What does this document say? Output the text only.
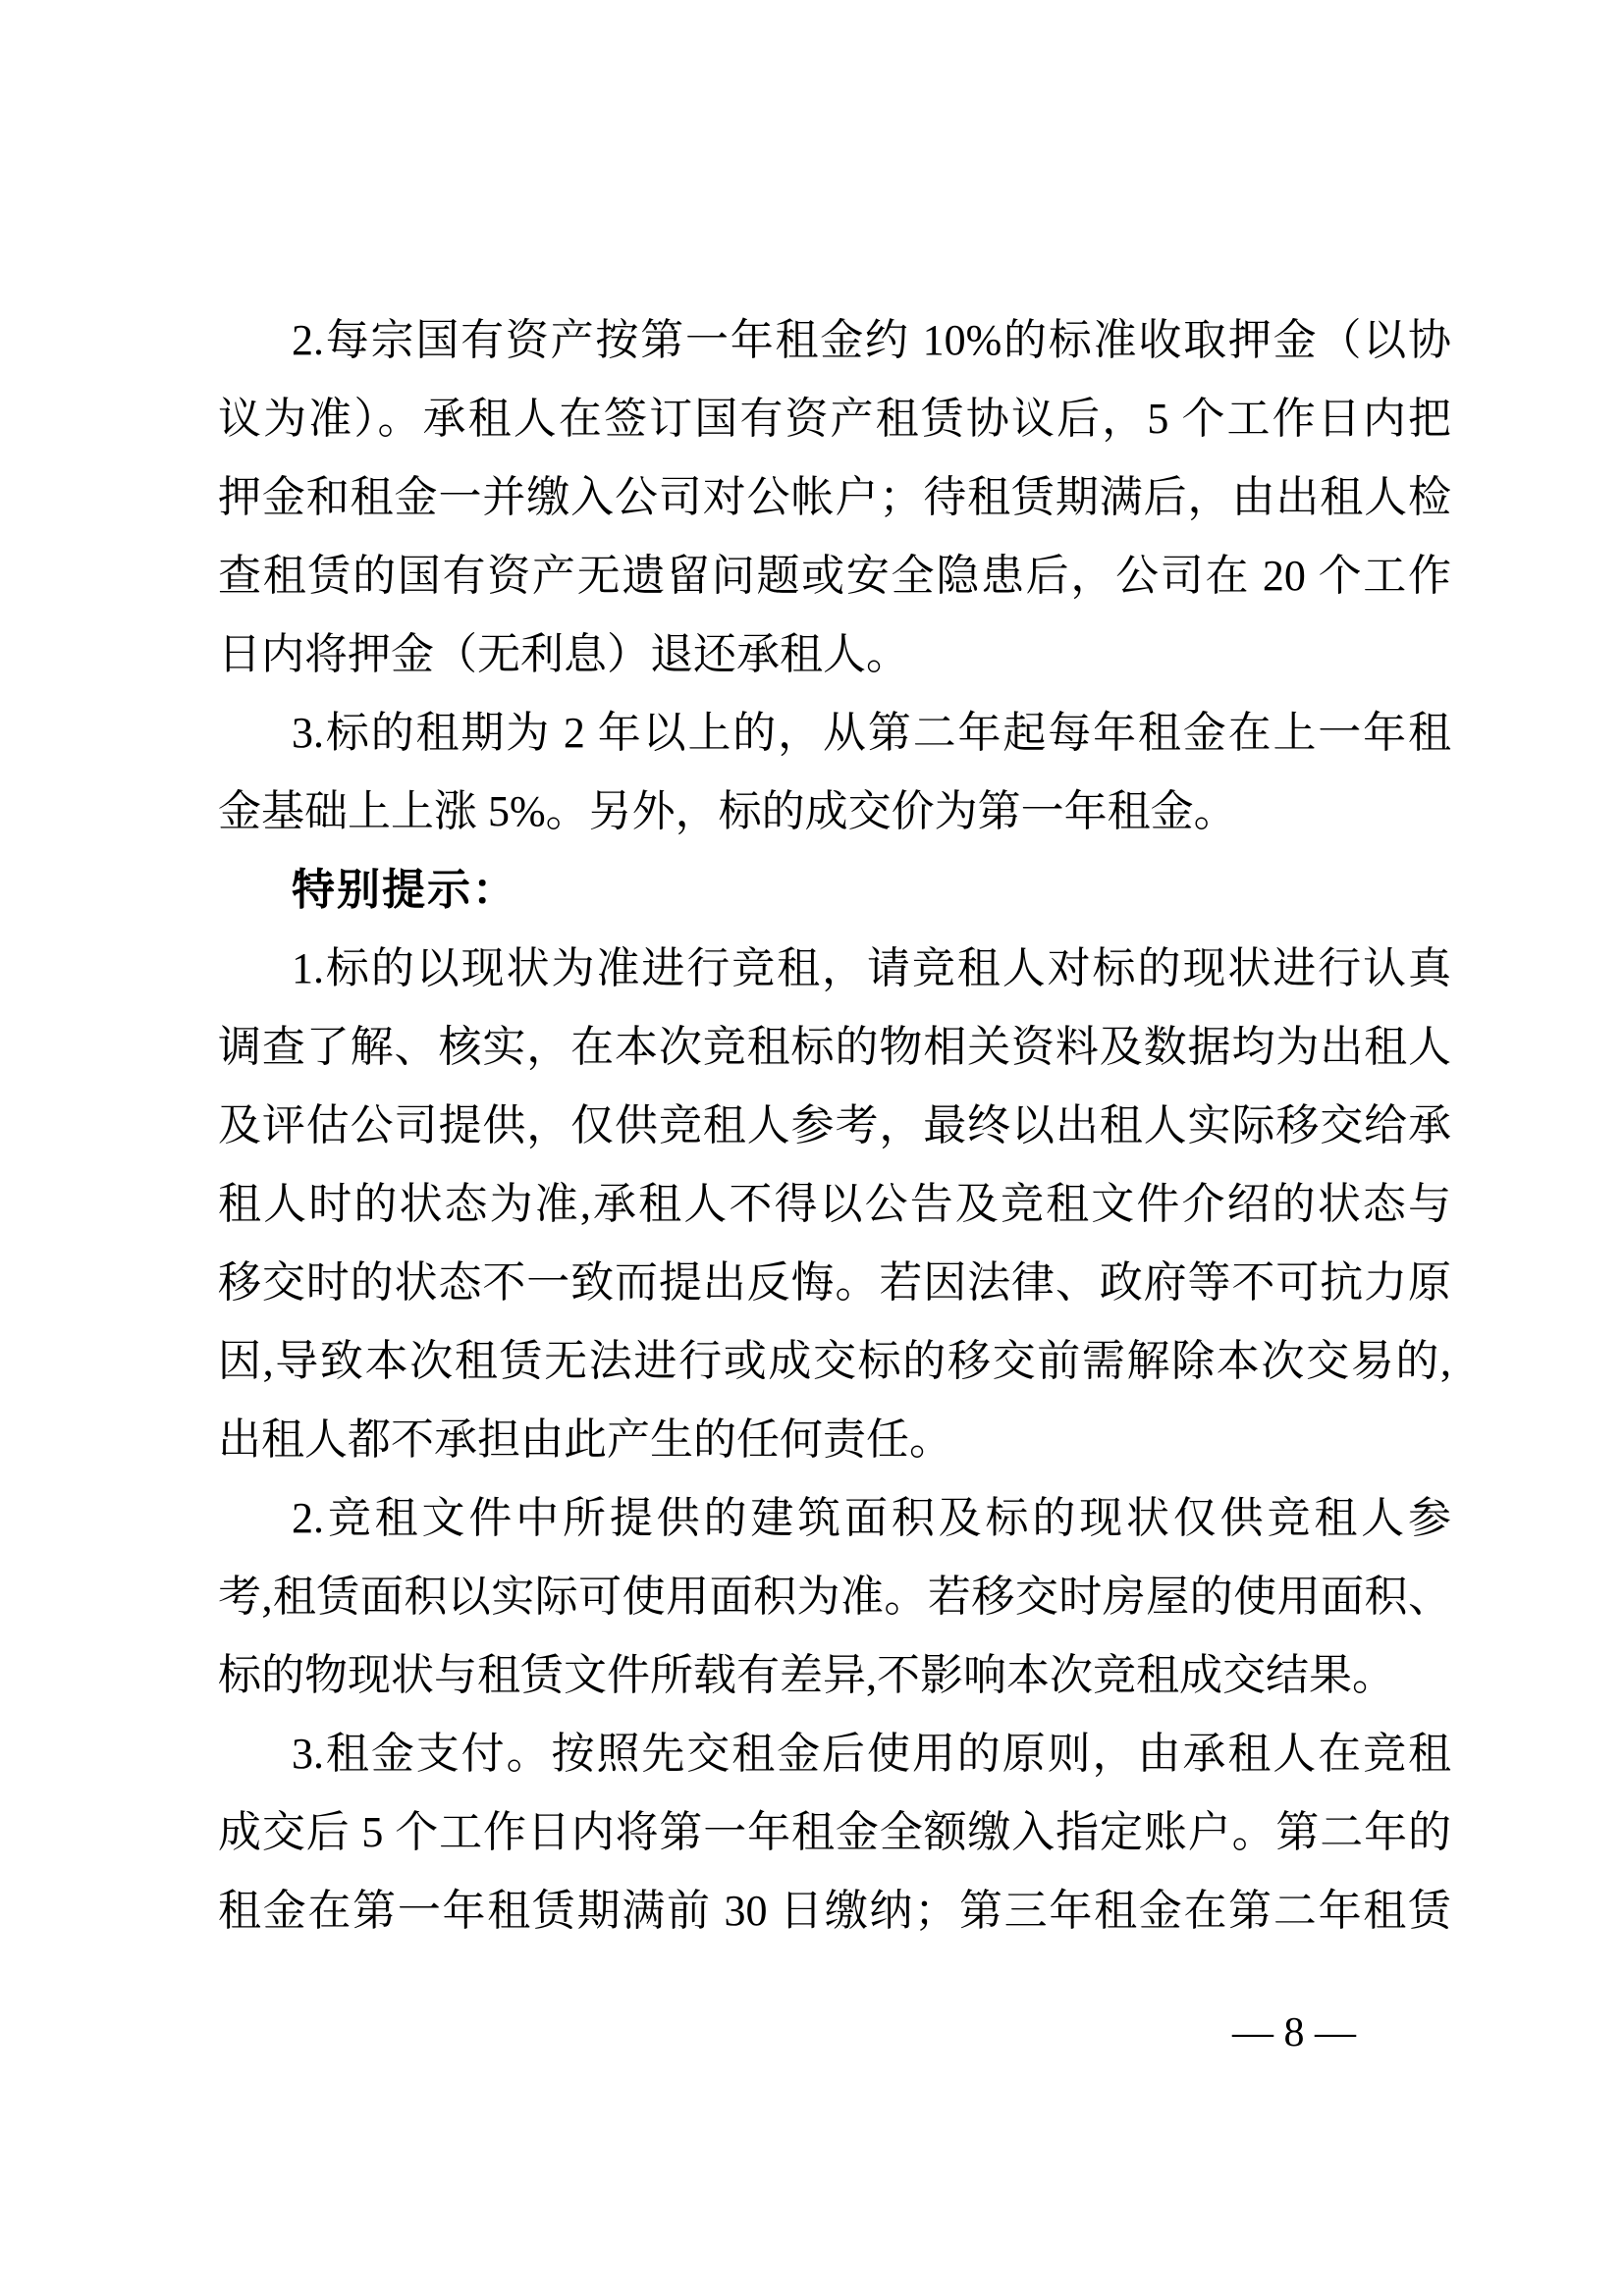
2.每宗国有资产按第一年租金约 10%的标准收取押金（以协
议为准）。承租人在签订国有资产租赁协议后，5 个工作日内把
押金和租金一并缴入公司对公帐户；待租赁期满后，由出租人检
查租赁的国有资产无遗留问题或安全隐患后，公司在 20 个工作
日内将押金（无利息）退还承租人。
3.标的租期为 2 年以上的，从第二年起每年租金在上一年租
金基础上上涨 5%。另外，标的成交价为第一年租金。
特别提示：
1.标的以现状为准进行竞租，请竞租人对标的现状进行认真
调查了解、核实，在本次竞租标的物相关资料及数据均为出租人
及评估公司提供，仅供竞租人参考，最终以出租人实际移交给承
租人时的状态为准,承租人不得以公告及竞租文件介绍的状态与
移交时的状态不一致而提出反悔。若因法律、政府等不可抗力原
因,导致本次租赁无法进行或成交标的移交前需解除本次交易的,
出租人都不承担由此产生的任何责任。
2.竞租文件中所提供的建筑面积及标的现状仅供竞租人参
考,租赁面积以实际可使用面积为准。若移交时房屋的使用面积、
标的物现状与租赁文件所载有差异,不影响本次竞租成交结果。
3.租金支付。按照先交租金后使用的原则，由承租人在竞租
成交后 5 个工作日内将第一年租金全额缴入指定账户。第二年的
租金在第一年租赁期满前 30 日缴纳；第三年租金在第二年租赁
— 8 —
